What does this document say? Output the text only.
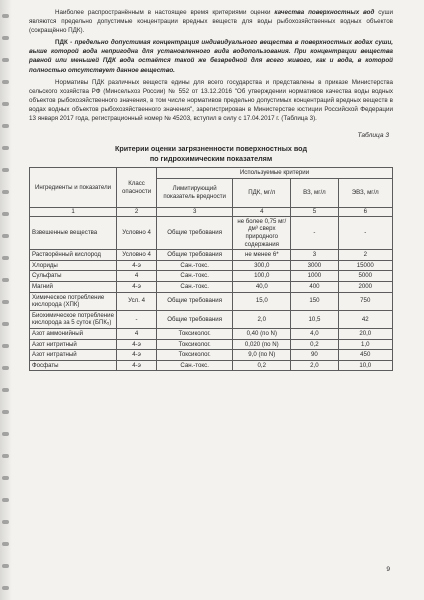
Наиболее распространённым в настоящее время критериями оценки качества поверхностных вод суши являются предельно допустимые концентрации вредных веществ для воды рыбохозяйственных водных объектов (сокращённо ПДК).

ПДК - предельно допустимая концентрация индивидуального вещества в поверхностных водах суши, выше которой вода непригодна для установленного вида водопользования. При концентрации вещества равной или меньшей ПДК вода остаётся такой же безвредной для всего живого, как и вода, в которой полностью отсутствует данное вещество.

Нормативы ПДК различных веществ едины для всего государства и представлены в приказе Министерства сельского хозяйства РФ (Минсельхоз России) № 552 от 13.12.2016 "Об утверждении нормативов качества воды водных объектов рыбохозяйственного значения, в том числе нормативов предельно допустимых концентраций вредных веществ в водах водных объектов рыбохозяйственного значения", зарегистрирован в Министерстве юстиции Российской Федерации 13 января 2017 года, регистрационный номер № 45203, вступил в силу с 17.04.2017 г. (Таблица 3).

Таблица 3
Критерии оценки загрязненности поверхностных вод
по гидрохимическим показателям
Ингредиенты и показатели	Класс опасности	Используемые критерии			
		Лимитирующий показатель вредности	ПДК, мг/л	ВЗ, мг/л	ЭВЗ, мг/л
1	2	3	4	5	6
Взвешенные вещества	Условно 4	Общие требования	не более 0,75 мг/дм³ сверх природного содержания	-	-
Растворённый кислород	Условно 4	Общие требования	не менее 6*	3	2
Хлориды	4-э	Сан.-токс.	300,0	3000	15000
Сульфаты	4	Сан.-токс.	100,0	1000	5000
Магний	4-э	Сан.-токс.	40,0	400	2000
Химическое потребление кислорода (ХПК)	Усл. 4	Общие требования	15,0	150	750
Биохимическое потребление кислорода за 5 суток (БПК₅)	-	Общие требования	2,0	10,5	42
Азот аммонийный	4	Токсиколог.	0,40 (по N)	4,0	20,0
Азот нитритный	4-э	Токсиколог.	0,020 (по N)	0,2	1,0
Азот нитратный	4-э	Токсиколог.	9,0 (по N)	90	450
Фосфаты	4-э	Сан.-токс.	0,2	2,0	10,0
9
